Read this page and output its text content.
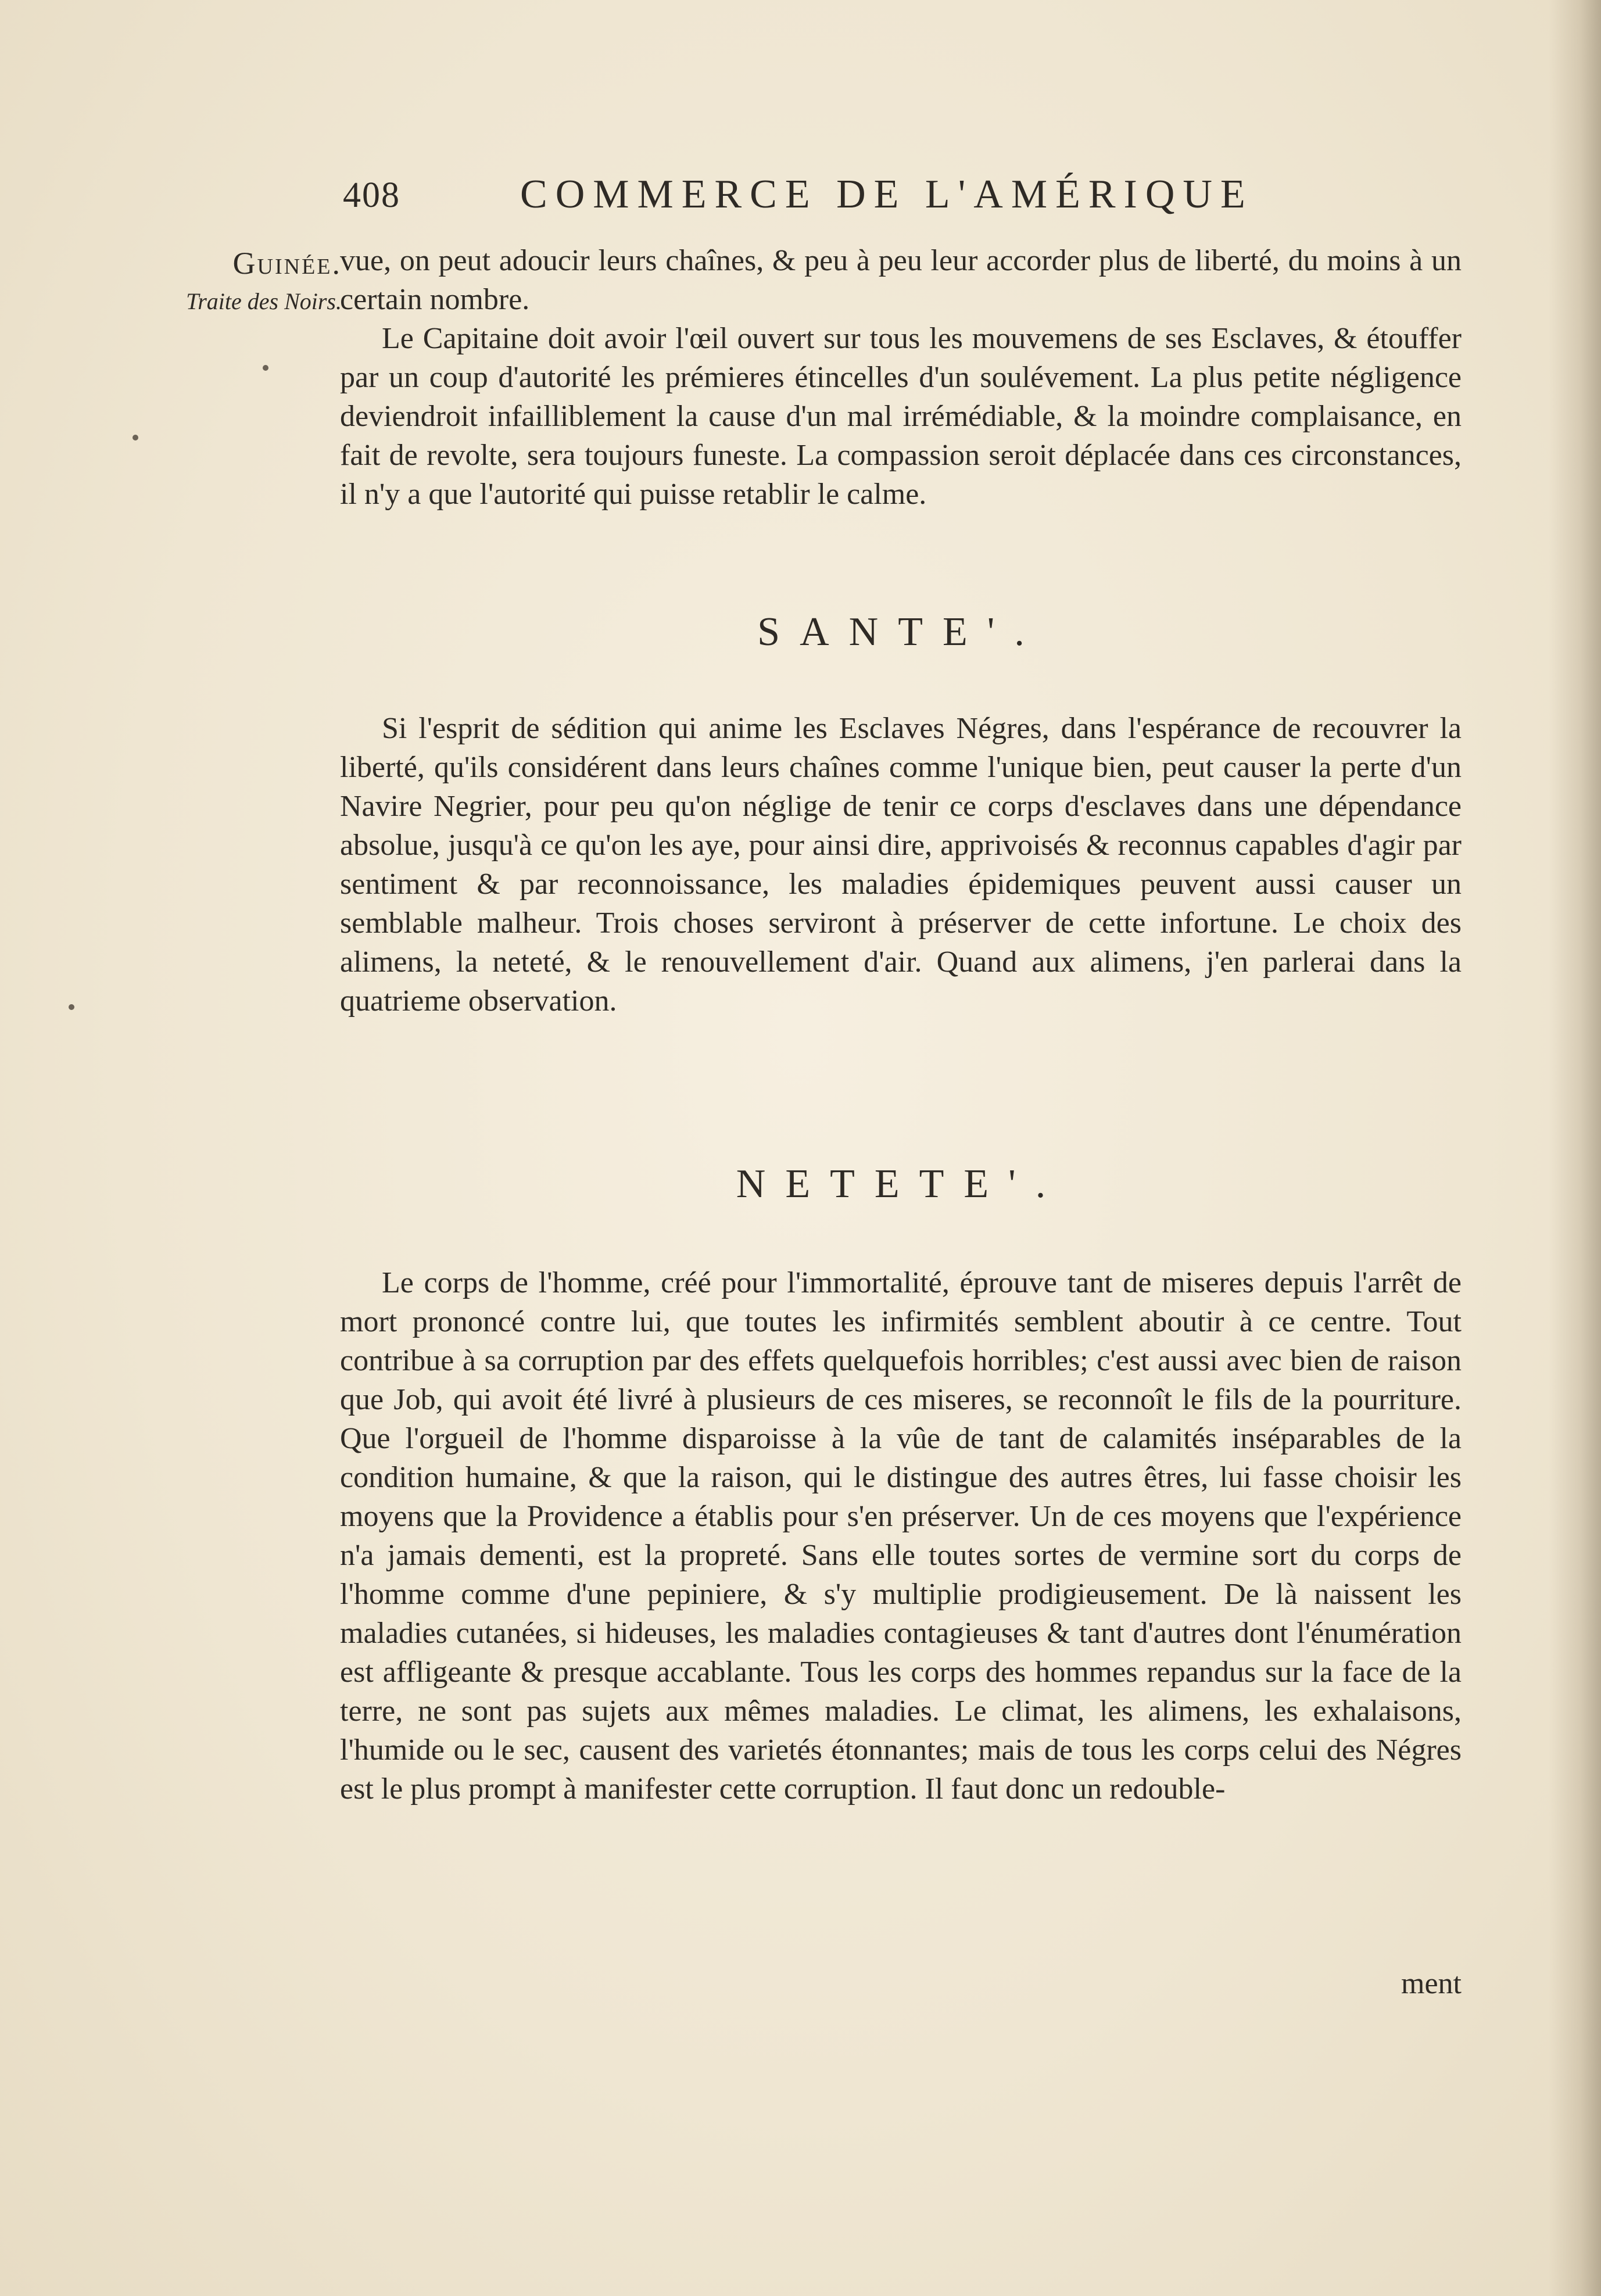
408	COMMERCE DE L'AMÉRIQUE
Guinée.
Traite des Noirs.

vue, on peut adoucir leurs chaînes, & peu à peu leur accorder plus de liberté, du moins à un certain nombre.

Le Capitaine doit avoir l'œil ouvert sur tous les mouvemens de ses Esclaves, & étouffer par un coup d'autorité les prémieres étincelles d'un soulévement. La plus petite négligence deviendroit infailliblement la cause d'un mal irrémédiable, & la moindre complaisance, en fait de revolte, sera toujours funeste. La compassion seroit déplacée dans ces circonstances, il n'y a que l'autorité qui puisse retablir le calme.

SANTE'.

Si l'esprit de sédition qui anime les Esclaves Négres, dans l'espérance de recouvrer la liberté, qu'ils considérent dans leurs chaînes comme l'unique bien, peut causer la perte d'un Navire Negrier, pour peu qu'on néglige de tenir ce corps d'esclaves dans une dépendance absolue, jusqu'à ce qu'on les aye, pour ainsi dire, apprivoisés & reconnus capables d'agir par sentiment & par reconnoissance, les maladies épidemiques peuvent aussi causer un semblable malheur. Trois choses serviront à préserver de cette infortune. Le choix des alimens, la neteté, & le renouvellement d'air. Quand aux alimens, j'en parlerai dans la quatrieme observation.

NETETE'.

Le corps de l'homme, créé pour l'immortalité, éprouve tant de miseres depuis l'arrêt de mort prononcé contre lui, que toutes les infirmités semblent aboutir à ce centre. Tout contribue à sa corruption par des effets quelquefois horribles; c'est aussi avec bien de raison que Job, qui avoit été livré à plusieurs de ces miseres, se reconnoît le fils de la pourriture. Que l'orgueil de l'homme disparoisse à la vûe de tant de calamités inséparables de la condition humaine, & que la raison, qui le distingue des autres êtres, lui fasse choisir les moyens que la Providence a établis pour s'en préserver. Un de ces moyens que l'expérience n'a jamais dementi, est la propreté. Sans elle toutes sortes de vermine sort du corps de l'homme comme d'une pepiniere, & s'y multiplie prodigieusement. De là naissent les maladies cutanées, si hideuses, les maladies contagieuses & tant d'autres dont l'énumération est affligeante & presque accablante. Tous les corps des hommes repandus sur la face de la terre, ne sont pas sujets aux mêmes maladies. Le climat, les alimens, les exhalaisons, l'humide ou le sec, causent des varietés étonnantes; mais de tous les corps celui des Négres est le plus prompt à manifester cette corruption. Il faut donc un redouble-

ment
